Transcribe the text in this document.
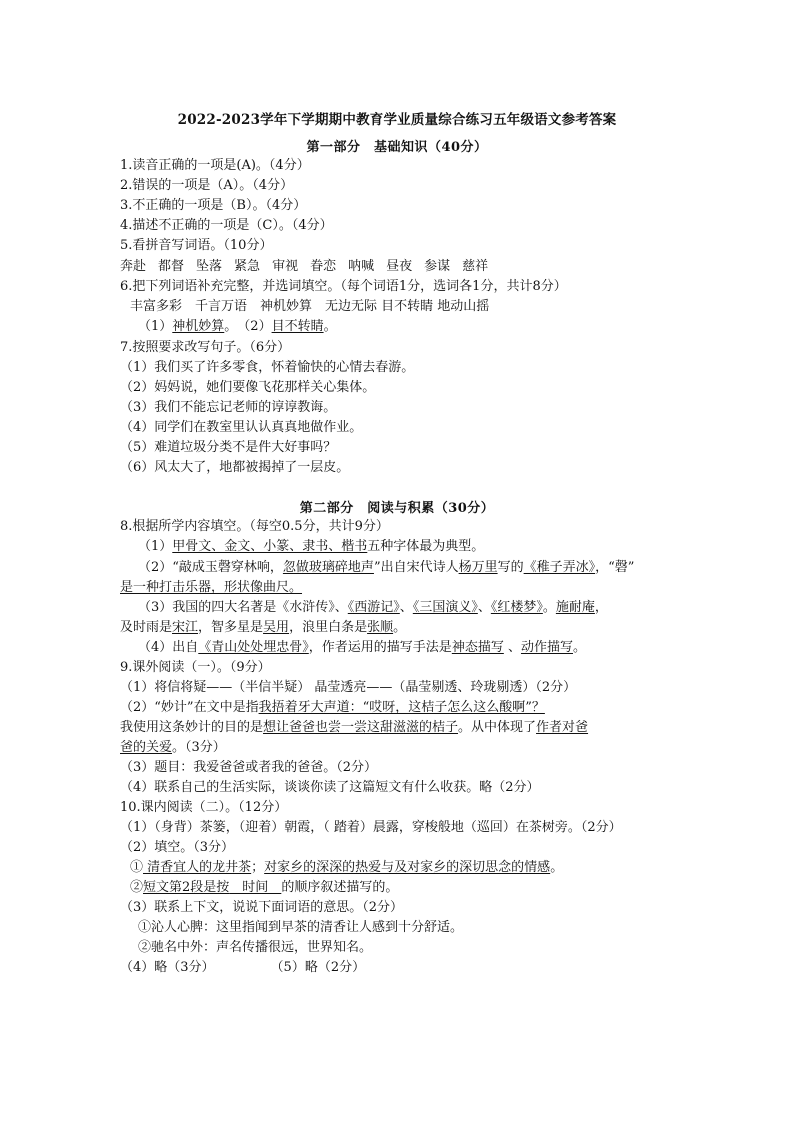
2022-2023学年下学期期中教育学业质量综合练习五年级语文参考答案
第一部分　基础知识（40分）
1.读音正确的一项是(A)。（4分）
2.错误的一项是（A）。（4分）
3.不正确的一项是（B）。（4分）
4.描述不正确的一项是（C）。（4分）
5.看拼音写词语。（10分）
奔赴 都督 坠落 紧急 审视 眷恋 呐喊 昼夜 参谋 慈祥
6.把下列词语补充完整，并选词填空。（每个词语1分，选词各1分，共计8分）
丰富多彩　千言万语　神机妙算　无边无际 目不转睛 地动山摇
（1）神机妙算。　（2）目不转睛。
7.按照要求改写句子。（6分）
（1）我们买了许多零食，怀着愉快的心情去春游。
（2）妈妈说，她们要像飞花那样关心集体。
（3）我们不能忘记老师的谆谆教诲。
（4）同学们在教室里认认真真地做作业。
（5）难道垃圾分类不是件大好事吗？
（6）风太大了，地都被揭掉了一层皮。
第二部分　阅读与积累（30分）
8.根据所学内容填空。（每空0.5分，共计9分）
（1）甲骨文、金文、小篆、隶书、楷书五种字体最为典型。
（2）“敲成玉磬穿林响，忽做玻璃碎地声”出自宋代诗人杨万里写的《稚子弄冰》，“磬”
是一种打击乐器，形状像曲尺。
（3）我国的四大名著是《水浒传》、《西游记》、《三国演义》、《红楼梦》。施耐庵，
及时雨是宋江，智多星是吴用，浪里白条是张顺。
（4）出自《青山处处埋忠骨》，作者运用的描写手法是神态描写 、动作描写。
9.课外阅读（一）。（9分）
（1）将信将疑——（半信半疑） 晶莹透亮——（晶莹剔透、玲珑剔透）（2分）
（2）“妙计”在文中是指我捂着牙大声道：“哎呀，这桔子怎么这么酸啊”？
我使用这条妙计的目的是想让爸爸也尝一尝这甜滋滋的桔子。从中体现了作者对爸
爸的关爱。（3分）
（3）题目：我爱爸爸或者我的爸爸。（2分）
（4）联系自己的生活实际，谈谈你读了这篇短文有什么收获。略（2分）
10.课内阅读（二）。（12分）
（1）（身背）茶篓，（迎着）朝霞，（ 踏着）晨露，穿梭般地（巡回）在茶树旁。（2分）
（2）填空。（3分）
① 清香宜人的龙井茶；对家乡的深深的热爱与及对家乡的深切思念的情感。
②短文第2段是按　时间　的顺序叙述描写的。
（3）联系上下文，说说下面词语的意思。（2分）
①沁人心脾：这里指闻到早茶的清香让人感到十分舒适。
②驰名中外：声名传播很远，世界知名。
（4）略（3分）	（5）略（2分）
